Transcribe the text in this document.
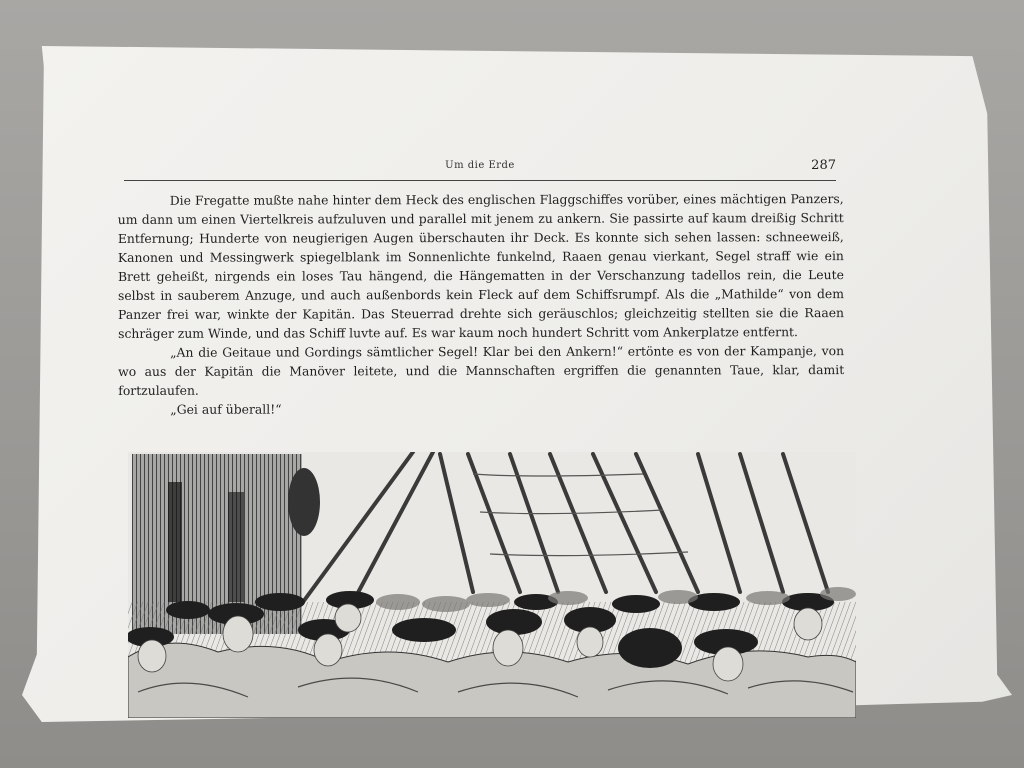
Um die Erde	287

Die Fregatte mußte nahe hinter dem Heck des englischen Flaggschiffes vorüber, eines mächtigen Panzers, um dann um einen Viertelkreis aufzuluven und parallel mit jenem zu ankern. Sie passirte auf kaum dreißig Schritt Entfernung; Hunderte von neugierigen Augen überschauten ihr Deck. Es konnte sich sehen lassen: schneeweiß, Kanonen und Messingwerk spiegelblank im Sonnenlichte funkelnd, Raaen genau vierkant, Segel straff wie ein Brett geheißt, nirgends ein loses Tau hängend, die Hängematten in der Verschanzung tadellos rein, die Leute selbst in sauberem Anzuge, und auch außenbords kein Fleck auf dem Schiffsrumpf. Als die „Mathilde“ von dem Panzer frei war, winkte der Kapitän. Das Steuerrad drehte sich geräuschlos; gleichzeitig stellten sie die Raaen schräger zum Winde, und das Schiff luvte auf. Es war kaum noch hundert Schritt vom Ankerplatze entfernt.

„An die Geitaue und Gordings sämtlicher Segel! Klar bei den Ankern!“ ertönte es von der Kampanje, von wo aus der Kapitän die Manöver leitete, und die Mannschaften ergriffen die genannten Taue, klar, damit fortzulaufen.

„Gei auf überall!“
